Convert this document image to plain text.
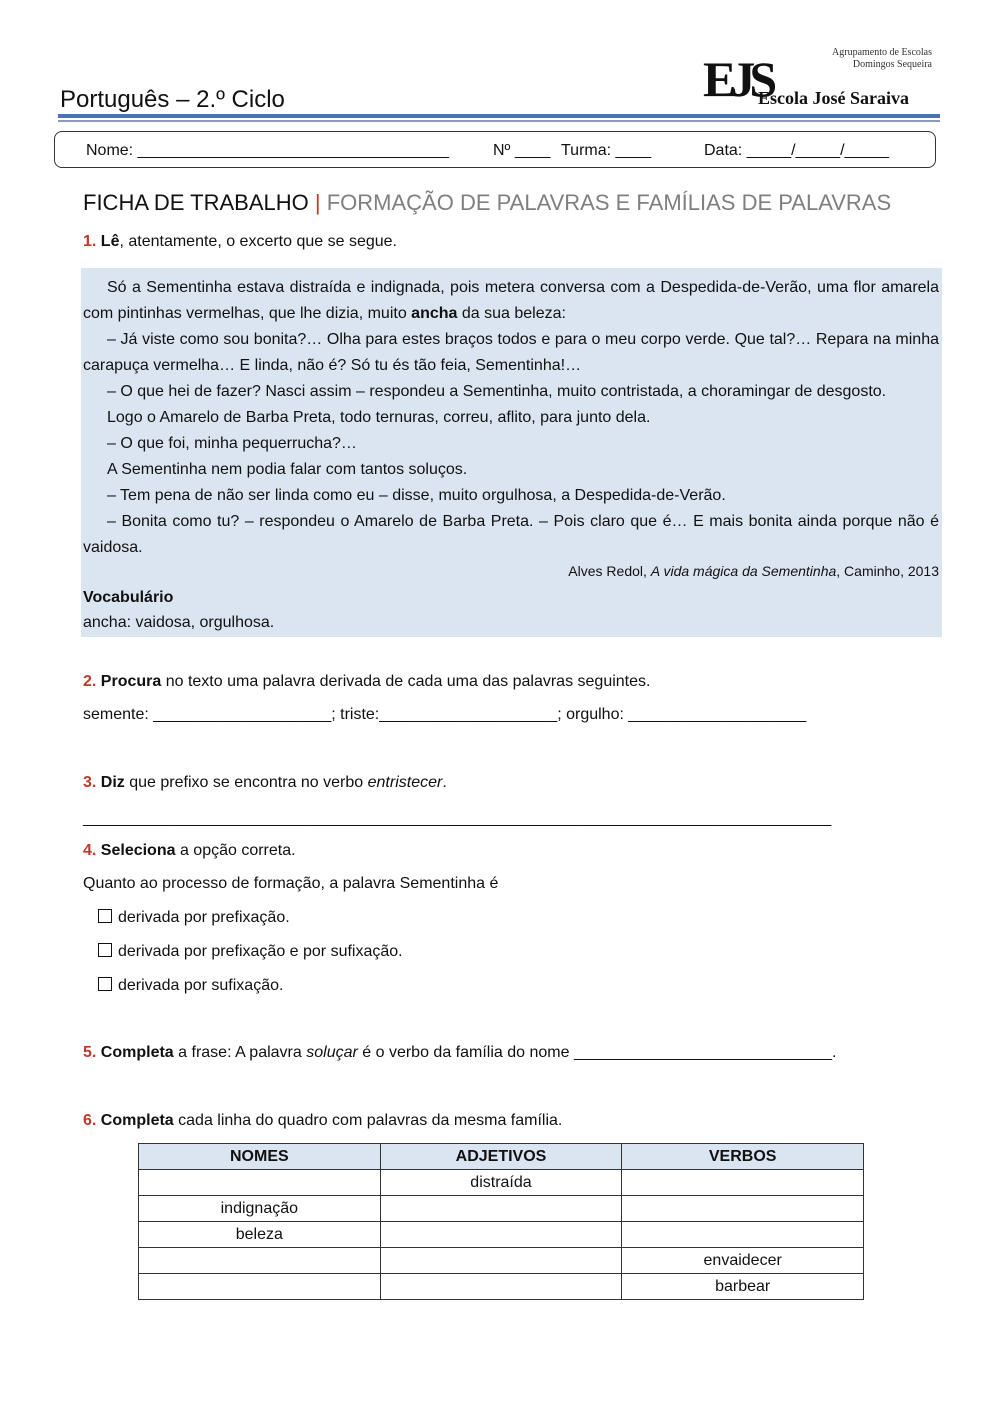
Português – 2.º Ciclo	EJS	Agrupamento de Escolas
Domingos Sequeira
Escola José Saraiva
Nome: ___________________________________	Nº ____ Turma: ____	Data: _____/_____/_____
FICHA DE TRABALHO | FORMAÇÃO DE PALAVRAS E FAMÍLIAS DE PALAVRAS
1. Lê, atentamente, o excerto que se segue.
Só a Sementinha estava distraída e indignada, pois metera conversa com a Despedida-de-Verão, uma flor amarela com pintinhas vermelhas, que lhe dizia, muito ancha da sua beleza:
– Já viste como sou bonita?… Olha para estes braços todos e para o meu corpo verde. Que tal?… Repara na minha carapuça vermelha… E linda, não é? Só tu és tão feia, Sementinha!…
– O que hei de fazer? Nasci assim – respondeu a Sementinha, muito contristada, a choramingar de desgosto.
Logo o Amarelo de Barba Preta, todo ternuras, correu, aflito, para junto dela.
– O que foi, minha pequerrucha?…
A Sementinha nem podia falar com tantos soluços.
– Tem pena de não ser linda como eu – disse, muito orgulhosa, a Despedida-de-Verão.
– Bonita como tu? – respondeu o Amarelo de Barba Preta. – Pois claro que é… E mais bonita ainda porque não é vaidosa.
Alves Redol, A vida mágica da Sementinha, Caminho, 2013
Vocabulário
ancha: vaidosa, orgulhosa.
2. Procura no texto uma palavra derivada de cada uma das palavras seguintes.
semente: ____________________; triste:____________________; orgulho: ____________________
3. Diz que prefixo se encontra no verbo entristecer.
________________________________________________________________________________________
4. Seleciona a opção correta.
Quanto ao processo de formação, a palavra Sementinha é
derivada por prefixação.
derivada por prefixação e por sufixação.
derivada por sufixação.
5. Completa a frase: A palavra soluçar é o verbo da família do nome _____________________________.
6. Completa cada linha do quadro com palavras da mesma família.
NOMES	ADJETIVOS	VERBOS
	distraída	
indignação		
beleza		
		envaidecer
		barbear
